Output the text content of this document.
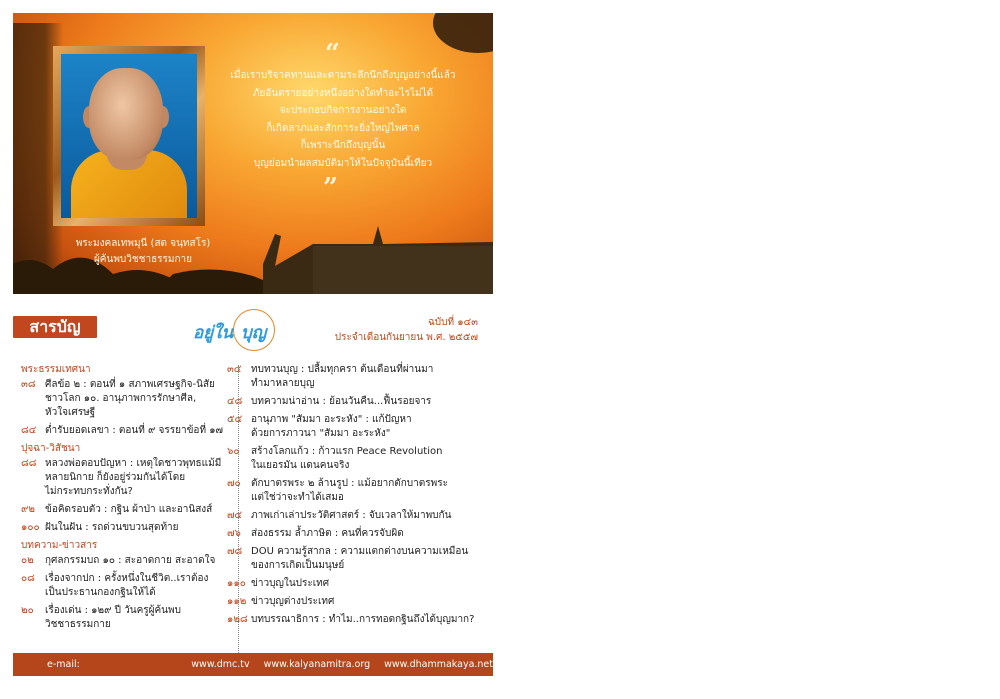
พระมงคลเทพมุนี (สด จนฺทสโร)
ผู้ค้นพบวิชชาธรรมกาย
“
เมื่อเราบริจาคทานและตามระลึกนึกถึงบุญอย่างนี้แล้ว
ภัยอันตรายอย่างหนึ่งอย่างใดทำอะไรไม่ได้
จะประกอบกิจการงานอย่างใด
ก็เกิดลาภและสักการะยิ่งใหญ่ไพศาล
ก็เพราะนึกถึงบุญนั้น
บุญย่อมนำผลสมบัติมาให้ในปัจจุบันนี้เทียว
”
สารบัญ	อยู่ใน บุญ
ฉบับที่ ๑๔๓
ประจำเดือนกันยายน พ.ศ. ๒๕๕๗
พระธรรมเทศนา
๓๘ ศีลข้อ ๒ : ตอนที่ ๑ สภาพเศรษฐกิจ-นิสัย
ชาวโลก ๑๐. อานุภาพการรักษาศีล,
หัวใจเศรษฐี
๘๔ ต่ำรับยอดเลขา : ตอนที่ ๙ จรรยาข้อที่ ๑๗
ปุจฉา-วิสัชนา
๘๘ หลวงพ่อตอบปัญหา : เหตุใดชาวพุทธแม้มี
หลายนิกาย ก็ยังอยู่ร่วมกันได้โดย
ไม่กระทบกระทั่งกัน?
๙๒	ข้อคิดรอบตัว : กฐิน ผ้าป่า และอานิสงส์
๑๐๐ ฝันในฝัน : รถด่วนขบวนสุดท้าย
บทความ-ข่าวสาร
๐๒	กุศลกรรมบถ ๑๐ : สะอาดกาย สะอาดใจ
๐๘	เรื่องจากปก : ครั้งหนึ่งในชีวิต..เราต้อง
เป็นประธานกองกฐินให้ได้
๒๐	เรื่องเด่น : ๑๒๙ ปี วันครูผู้ค้นพบ
วิชชาธรรมกาย
๓๔ ทบทวนบุญ : ปลื้มทุกครา ต้นเดือนที่ผ่านมา
ทำมาหลายบุญ
๔๘ บทความน่าอ่าน : ย้อนวันคืน...ฟื้นรอยจาร
๕๔ อานุภาพ "สัมมา อะระหัง" : แก้ปัญหา
ด้วยการภาวนา "สัมมา อะระหัง"
๖๐	สร้างโลกแก้ว : ก้าวแรก Peace Revolution
ในเยอรมัน แดนคนจริง
๗๐	ตักบาตรพระ ๒ ล้านรูป : แม้อยากตักบาตรพระ
แต่ใช่ว่าจะทำได้เสมอ
๗๔ ภาพเก่าเล่าประวัติศาสตร์ : จับเวลาให้มาพบกัน
๗๖	ส่องธรรม ล้ำภาษิต : คนที่ควรจับผิด
๗๘ DOU ความรู้สากล : ความแตกต่างบนความเหมือน
ของการเกิดเป็นมนุษย์
๑๑๐ ข่าวบุญในประเทศ
๑๑๒ ข่าวบุญต่างประเทศ
๑๒๘ บทบรรณาธิการ : ทำไม..การทอดกฐินถึงได้บุญมาก?
e-mail: yunaiboon@yahoo.com
www.dmc.tv www.kalyanamitra.org www.dhammakaya.net
